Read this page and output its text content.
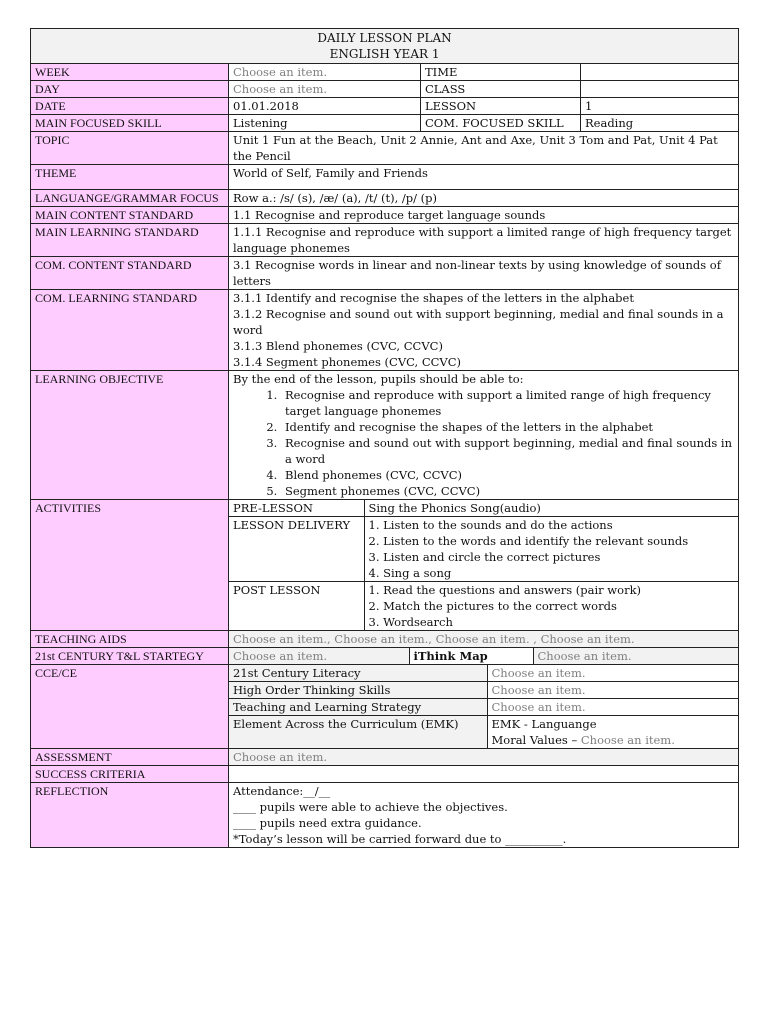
DAILY LESSON PLAN
ENGLISH YEAR 1

WEEK	Choose an item.	TIME	
DAY	Choose an item.	CLASS	
DATE	01.01.2018	LESSON	1
MAIN FOCUSED SKILL	Listening	COM. FOCUSED SKILL	Reading
TOPIC	Unit 1 Fun at the Beach, Unit 2 Annie, Ant and Axe, Unit 3 Tom and Pat, Unit 4 Pat the Pencil
THEME	World of Self, Family and Friends
LANGUANGE/GRAMMAR FOCUS	Row a.: /s/ (s), /æ/ (a), /t/ (t), /p/ (p)
MAIN CONTENT STANDARD	1.1 Recognise and reproduce target language sounds
MAIN LEARNING STANDARD	1.1.1 Recognise and reproduce with support a limited range of high frequency target language phonemes
COM. CONTENT STANDARD	3.1 Recognise words in linear and non-linear texts by using knowledge of sounds of letters
COM. LEARNING STANDARD	3.1.1 Identify and recognise the shapes of the letters in the alphabet
3.1.2 Recognise and sound out with support beginning, medial and final sounds in a word
3.1.3 Blend phonemes (CVC, CCVC)
3.1.4 Segment phonemes (CVC, CCVC)

LEARNING OBJECTIVE	By the end of the lesson, pupils should be able to:
1. Recognise and reproduce with support a limited range of high frequency target language phonemes
2. Identify and recognise the shapes of the letters in the alphabet
3. Recognise and sound out with support beginning, medial and final sounds in a word
4. Blend phonemes (CVC, CCVC)
5. Segment phonemes (CVC, CCVC)

ACTIVITIES		PRE-LESSON	Sing the Phonics Song(audio)
LESSON DELIVERY	1. Listen to the sounds and do the actions
2. Listen to the words and identify the relevant sounds
3. Listen and circle the correct pictures
4. Sing a song

POST LESSON	1. Read the questions and answers (pair work)
2. Match the pictures to the correct words
3. Wordsearch

TEACHING AIDS	Choose an item., Choose an item., Choose an item. , Choose an item.
21st CENTURY T&L STARTEGY		Choose an item.	iThink Map	Choose an item.

CCE/CE		21st Century Literacy	Choose an item.
High Order Thinking Skills	Choose an item.
Teaching and Learning Strategy	Choose an item.
Element Across the Curriculum (EMK)	EMK - Languange
Moral Values – Choose an item.

ASSESSMENT	Choose an item.
SUCCESS CRITERIA	
REFLECTION	Attendance:__/__
____ pupils were able to achieve the objectives.
____ pupils need extra guidance.
*Today’s lesson will be carried forward due to __________.
